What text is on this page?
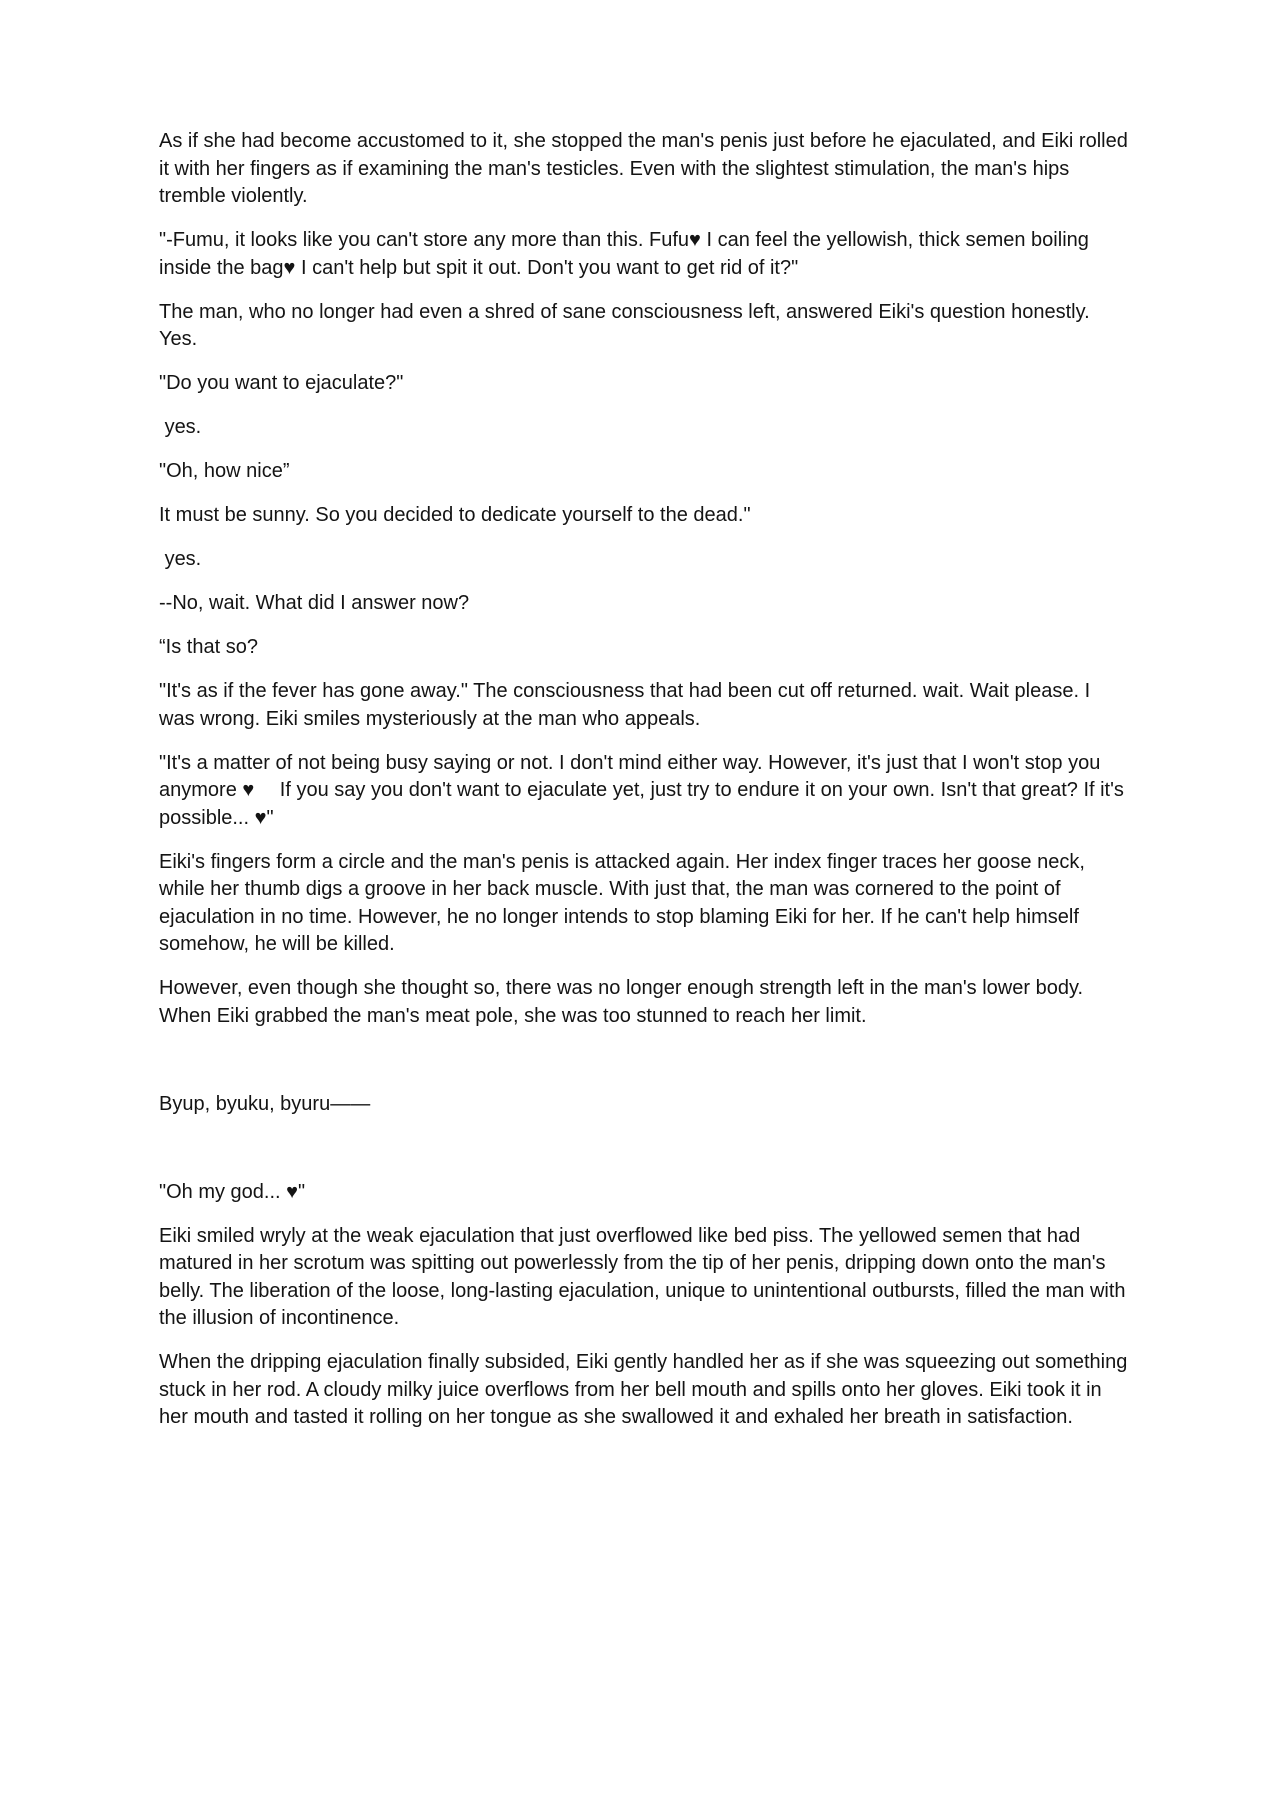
As if she had become accustomed to it, she stopped the man's penis just before he ejaculated, and Eiki rolled it with her fingers as if examining the man's testicles. Even with the slightest stimulation, the man's hips tremble violently.

"-Fumu, it looks like you can't store any more than this. Fufu♥ I can feel the yellowish, thick semen boiling inside the bag♥ I can't help but spit it out. Don't you want to get rid of it?"

The man, who no longer had even a shred of sane consciousness left, answered Eiki's question honestly. Yes.

"Do you want to ejaculate?"

yes.

"Oh, how nice”

It must be sunny. So you decided to dedicate yourself to the dead."

yes.

--No, wait. What did I answer now?

“Is that so?

"It's as if the fever has gone away." The consciousness that had been cut off returned. wait. Wait please. I was wrong. Eiki smiles mysteriously at the man who appeals.

"It's a matter of not being busy saying or not. I don't mind either way. However, it's just that I won't stop you anymore ♥　 If you say you don't want to ejaculate yet, just try to endure it on your own. Isn't that great? If it's possible... ♥"

Eiki's fingers form a circle and the man's penis is attacked again. Her index finger traces her goose neck, while her thumb digs a groove in her back muscle. With just that, the man was cornered to the point of ejaculation in no time. However, he no longer intends to stop blaming Eiki for her. If he can't help himself somehow, he will be killed.

However, even though she thought so, there was no longer enough strength left in the man's lower body. When Eiki grabbed the man's meat pole, she was too stunned to reach her limit.

Byup, byuku, byuru——

"Oh my god... ♥"

Eiki smiled wryly at the weak ejaculation that just overflowed like bed piss. The yellowed semen that had matured in her scrotum was spitting out powerlessly from the tip of her penis, dripping down onto the man's belly. The liberation of the loose, long-lasting ejaculation, unique to unintentional outbursts, filled the man with the illusion of incontinence.

When the dripping ejaculation finally subsided, Eiki gently handled her as if she was squeezing out something stuck in her rod. A cloudy milky juice overflows from her bell mouth and spills onto her gloves. Eiki took it in her mouth and tasted it rolling on her tongue as she swallowed it and exhaled her breath in satisfaction.
